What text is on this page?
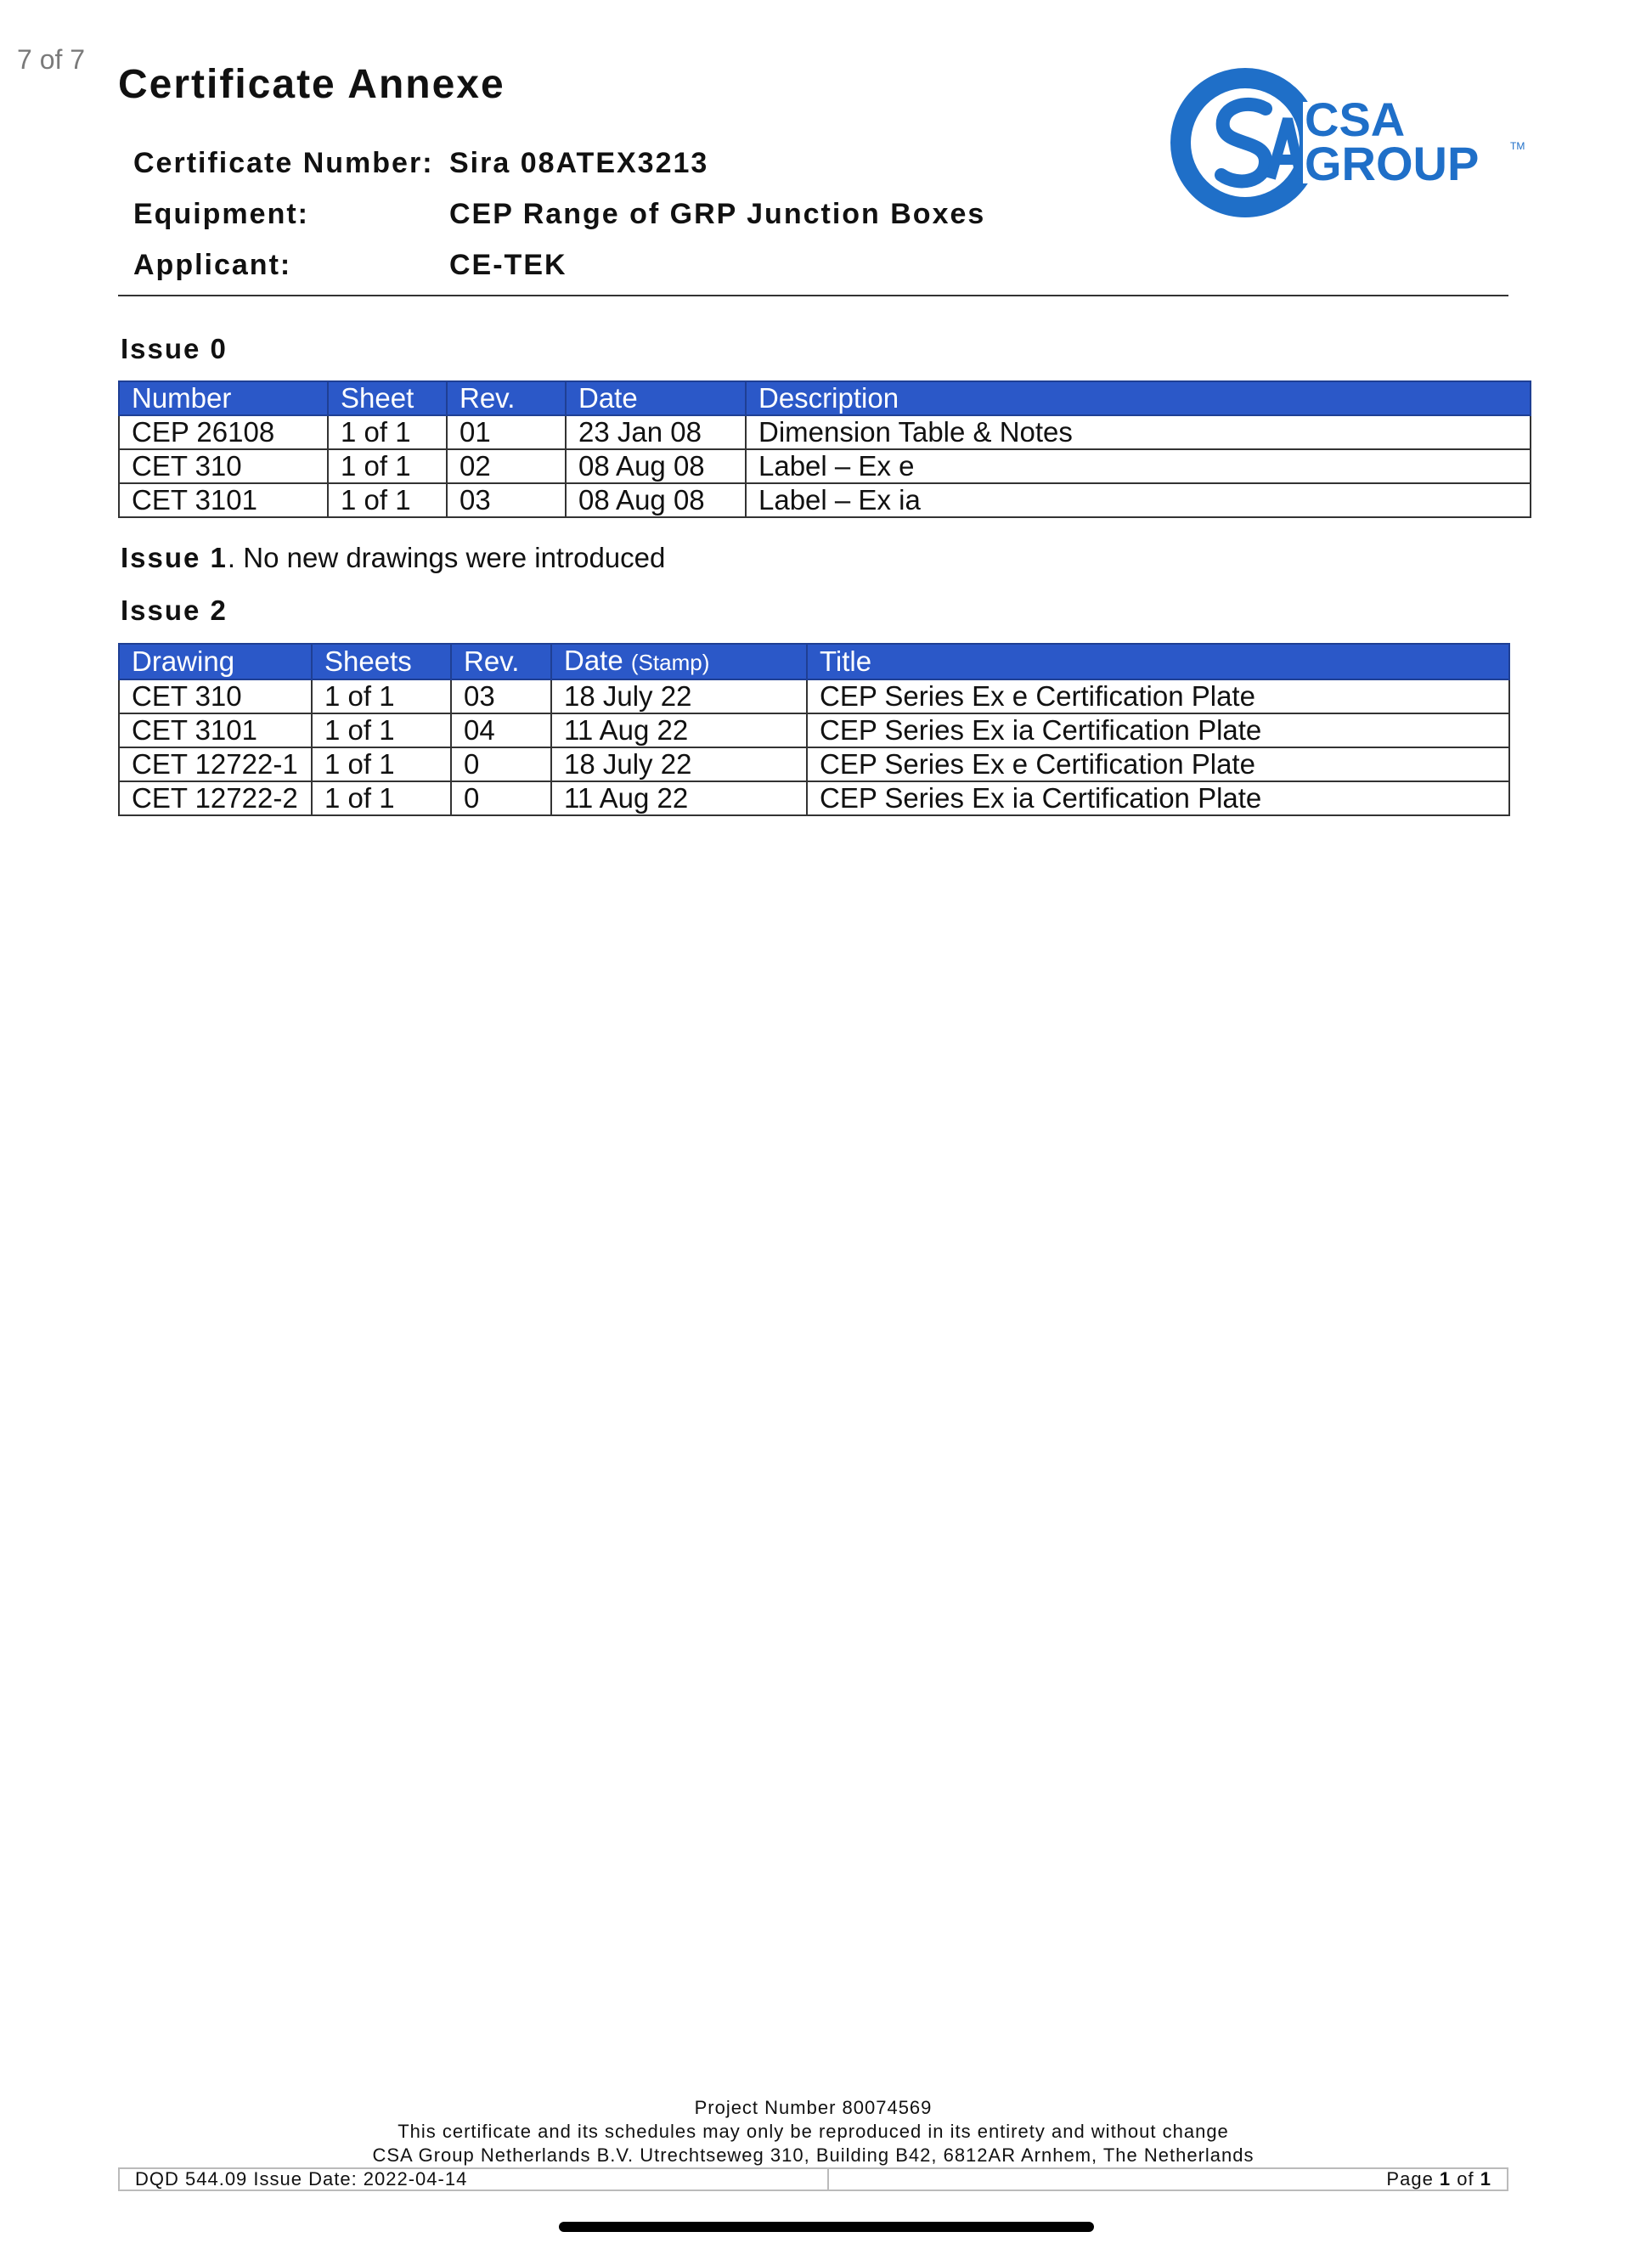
7 of 7
Certificate Annexe
CSA
GROUP	TM
Certificate Number: Sira 08ATEX3213
Equipment:	CEP Range of GRP Junction Boxes
Applicant:	CE-TEK
Issue 0
Number	Sheet	Rev.	Date	Description
CEP 26108	1 of 1	01	23 Jan 08	Dimension Table & Notes
CET 310	1 of 1	02	08 Aug 08	Label – Ex e
CET 3101	1 of 1	03	08 Aug 08	Label – Ex ia
Issue 1. No new drawings were introduced
Issue 2
Drawing	Sheets	Rev.	Date (Stamp)	Title
CET 310	1 of 1	03	18 July 22	CEP Series Ex e Certification Plate
CET 3101	1 of 1	04	11 Aug 22	CEP Series Ex ia Certification Plate
CET 12722-1	1 of 1	0	18 July 22	CEP Series Ex e Certification Plate
CET 12722-2	1 of 1	0	11 Aug 22	CEP Series Ex ia Certification Plate
Project Number 80074569
This certificate and its schedules may only be reproduced in its entirety and without change
CSA Group Netherlands B.V. Utrechtseweg 310, Building B42, 6812AR Arnhem, The Netherlands
DQD 544.09 Issue Date: 2022-04-14	Page 1 of 1
